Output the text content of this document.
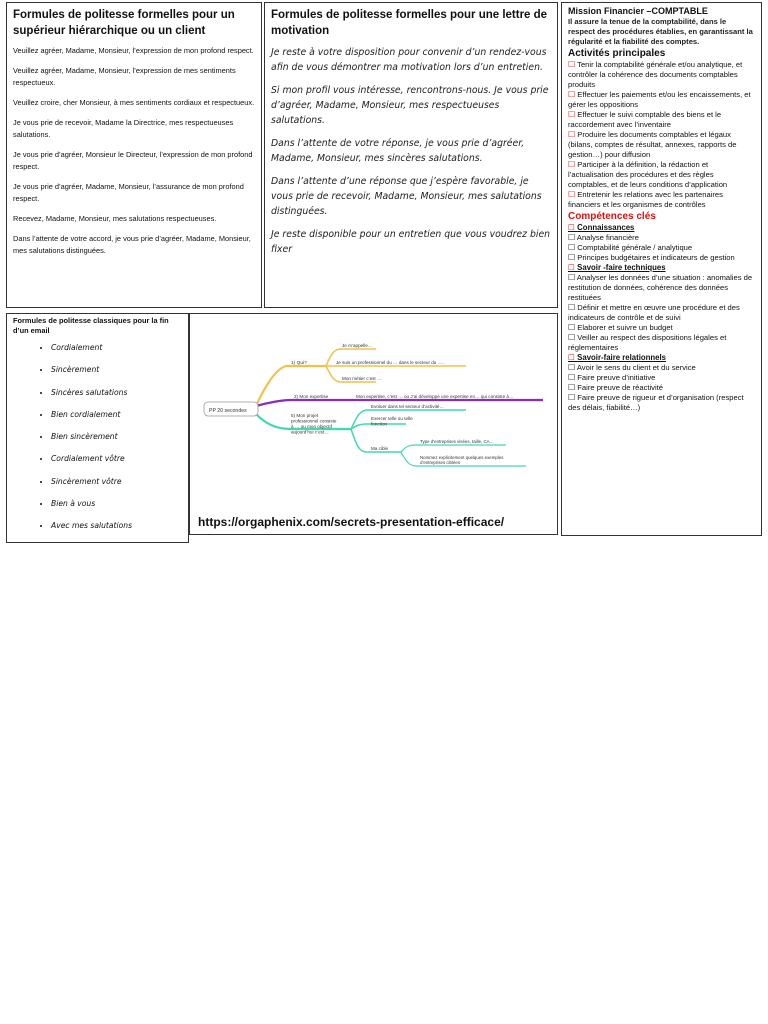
Formules de politesse formelles pour un supérieur hiérarchique ou un client

Veuillez agréer, Madame, Monsieur, l’expression de mon profond respect.

Veuillez agréer, Madame, Monsieur, l’expression de mes sentiments respectueux.

Veuillez croire, cher Monsieur, à mes sentiments cordiaux et respectueux.

Je vous prie de recevoir, Madame la Directrice, mes respectueuses salutations.

Je vous prie d’agréer, Monsieur le Directeur, l’expression de mon profond respect.

Je vous prie d’agréer, Madame, Monsieur, l’assurance de mon profond respect.

Recevez, Madame, Monsieur, mes salutations respectueuses.

Dans l’attente de votre accord, je vous prie d’agréer, Madame, Monsieur, mes salutations distinguées.

Formules de politesse formelles pour une lettre de motivation

Je reste à votre disposition pour convenir d’un rendez-vous afin de vous démontrer ma motivation lors d’un entretien.

Si mon profil vous intéresse, rencontrons-nous. Je vous prie d’agréer, Madame, Monsieur, mes respectueuses salutations.

Dans l’attente de votre réponse, je vous prie d’agréer, Madame, Monsieur, mes sincères salutations.

Dans l’attente d’une réponse que j’espère favorable, je vous prie de recevoir, Madame, Monsieur, mes salutations distinguées.

Je reste disponible pour un entretien que vous voudrez bien fixer

Mission Financier –COMPTABLE
Il assure la tenue de la comptabilité, dans le respect des procédures établies, en garantissant la régularité et la fiabilité des comptes.
Activités principales
☐ Tenir la comptabilité générale et/ou analytique, et contrôler la cohérence des documents comptables produits
☐ Effectuer les paiements et/ou les encaissements, et gérer les oppositions
☐ Effectuer le suivi comptable des biens et le raccordement avec l’inventaire
☐ Produire les documents comptables et légaux (bilans, comptes de résultat, annexes, rapports de gestion…) pour diffusion
☐ Participer à la définition, la rédaction et l’actualisation des procédures et des règles comptables, et de leurs conditions d’application
☐ Entretenir les relations avec les partenaires financiers et les organismes de contrôles
Compétences clés
☐ Connaissances
☐ Analyse financière
☐ Comptabilité générale / analytique
☐ Principes budgétaires et indicateurs de gestion
☐ Savoir -faire techniques
☐ Analyser les données d’une situation : anomalies de restitution de données, cohérence des données restituées
☐ Définir et mettre en œuvre une procédure et des indicateurs de contrôle et de suivi
☐ Elaborer et suivre un budget
☐ Veiller au respect des dispositions légales et réglementaires
☐ Savoir-faire relationnels
☐ Avoir le sens du client et du service
☐ Faire preuve d’initiative
☐ Faire preuve de réactivité
☐ Faire preuve de rigueur et d’organisation (respect des délais, fiabilité…)
Formules de politesse classiques pour la fin d’un email
• Cordialement
• Sincèrement
• Sincères salutations
• Bien cordialement
• Bien sincèrement
• Cordialement vôtre
• Sincèrement vôtre
• Bien à vous
• Avec mes salutations
PP 20 secondes
1) Qui?
Je m’appelle…
Je suis un professionnel du … dans le secteur du …..
Mon métier c’est …
2) Mon expertise	Mon expertise, c’est … ou J’ai développé une expertise en… qui consiste à…
Evoluer dans tel secteur d’activité…
Ma cible
Type d’entreprises visées, taille, CA…
5) Mon projet professionnel consiste à … ou mon objectif aujourd’hui c’est…
Exercer telle ou telle fonction
Nommez explicitement quelques exemples d’entreprises ciblées
https://orgaphenix.com/secrets-presentation-efficace/
